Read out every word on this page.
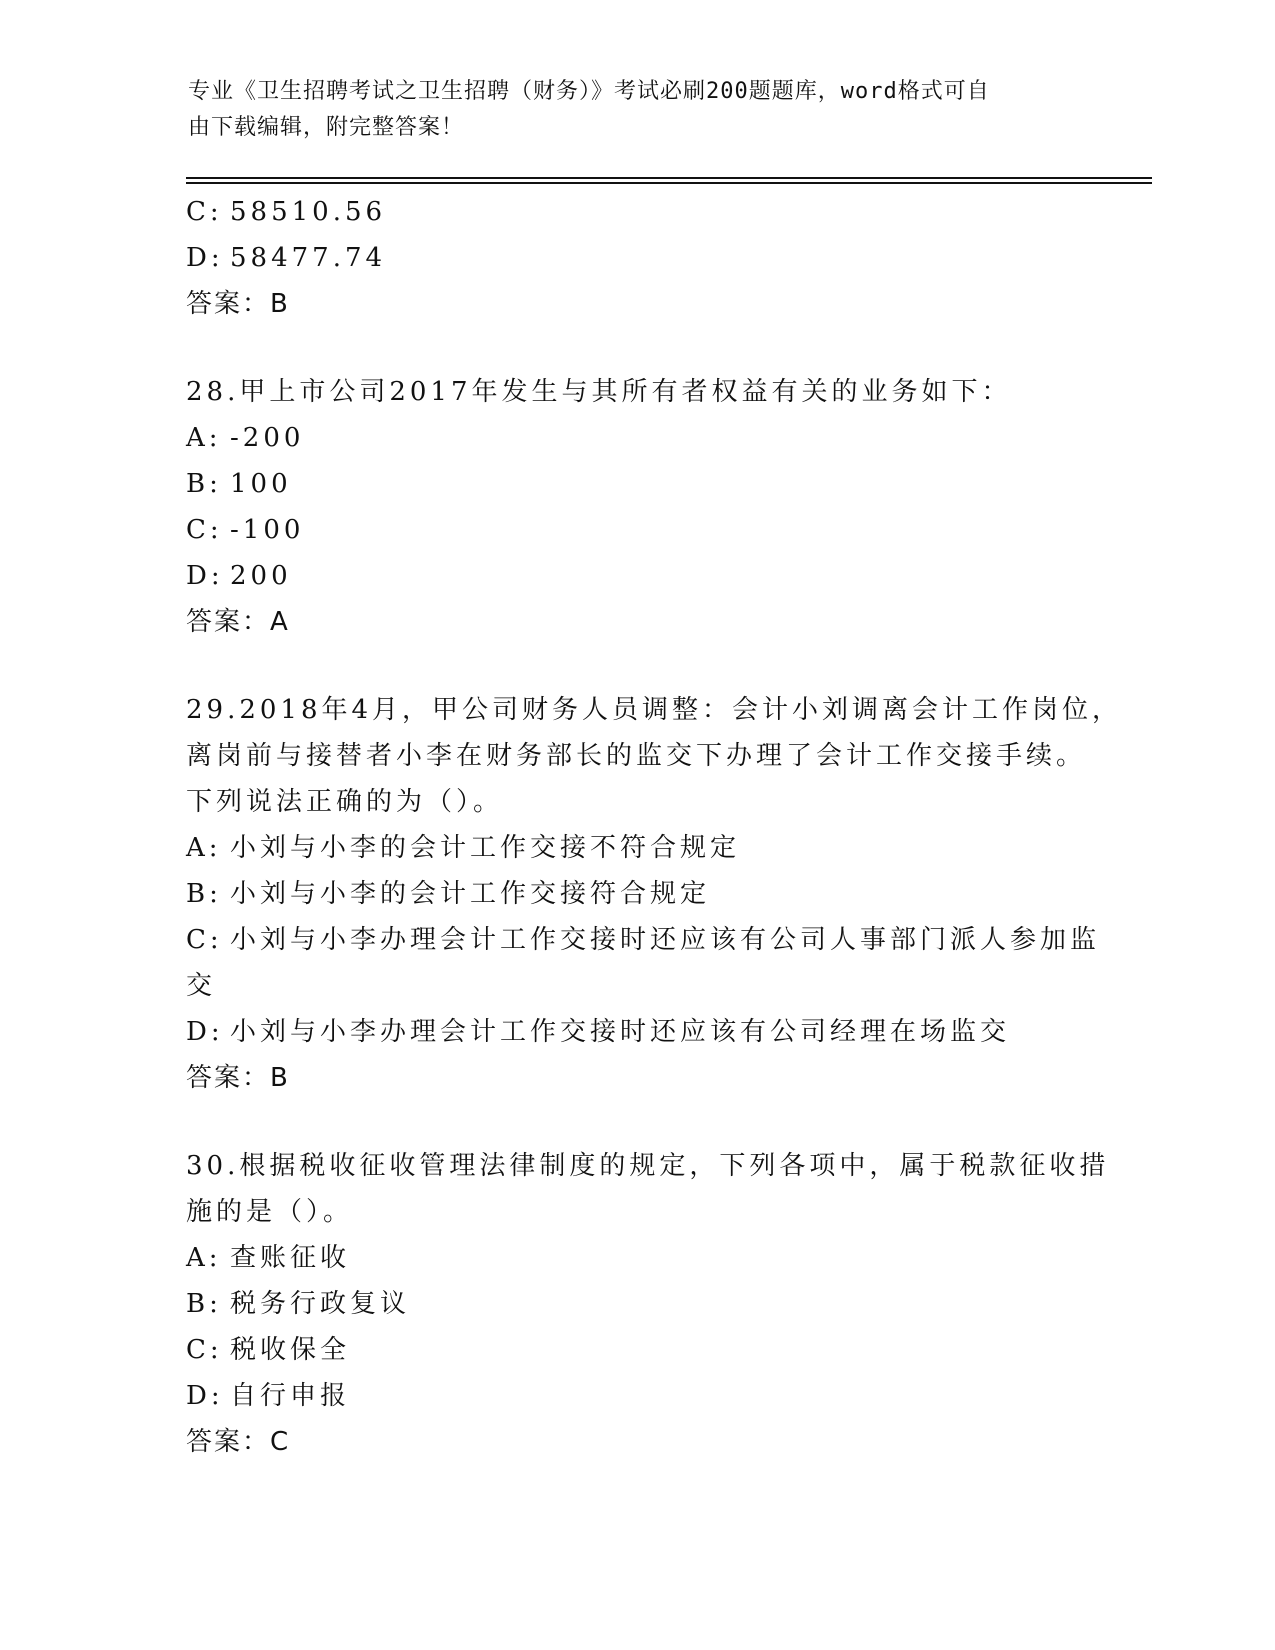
专业《卫生招聘考试之卫生招聘（财务）》考试必刷200题题库，word格式可自
由下载编辑，附完整答案！
C: 58510.56
D: 58477.74
答案：B
28.甲上市公司2017年发生与其所有者权益有关的业务如下：
A: -200
B: 100
C: -100
D: 200
答案：A
29.2018年4月，甲公司财务人员调整：会计小刘调离会计工作岗位，
离岗前与接替者小李在财务部长的监交下办理了会计工作交接手续。
下列说法正确的为（）。
A: 小刘与小李的会计工作交接不符合规定
B: 小刘与小李的会计工作交接符合规定
C: 小刘与小李办理会计工作交接时还应该有公司人事部门派人参加监
交
D: 小刘与小李办理会计工作交接时还应该有公司经理在场监交
答案：B
30.根据税收征收管理法律制度的规定，下列各项中，属于税款征收措
施的是（）。
A: 查账征收
B: 税务行政复议
C: 税收保全
D: 自行申报
答案：C
